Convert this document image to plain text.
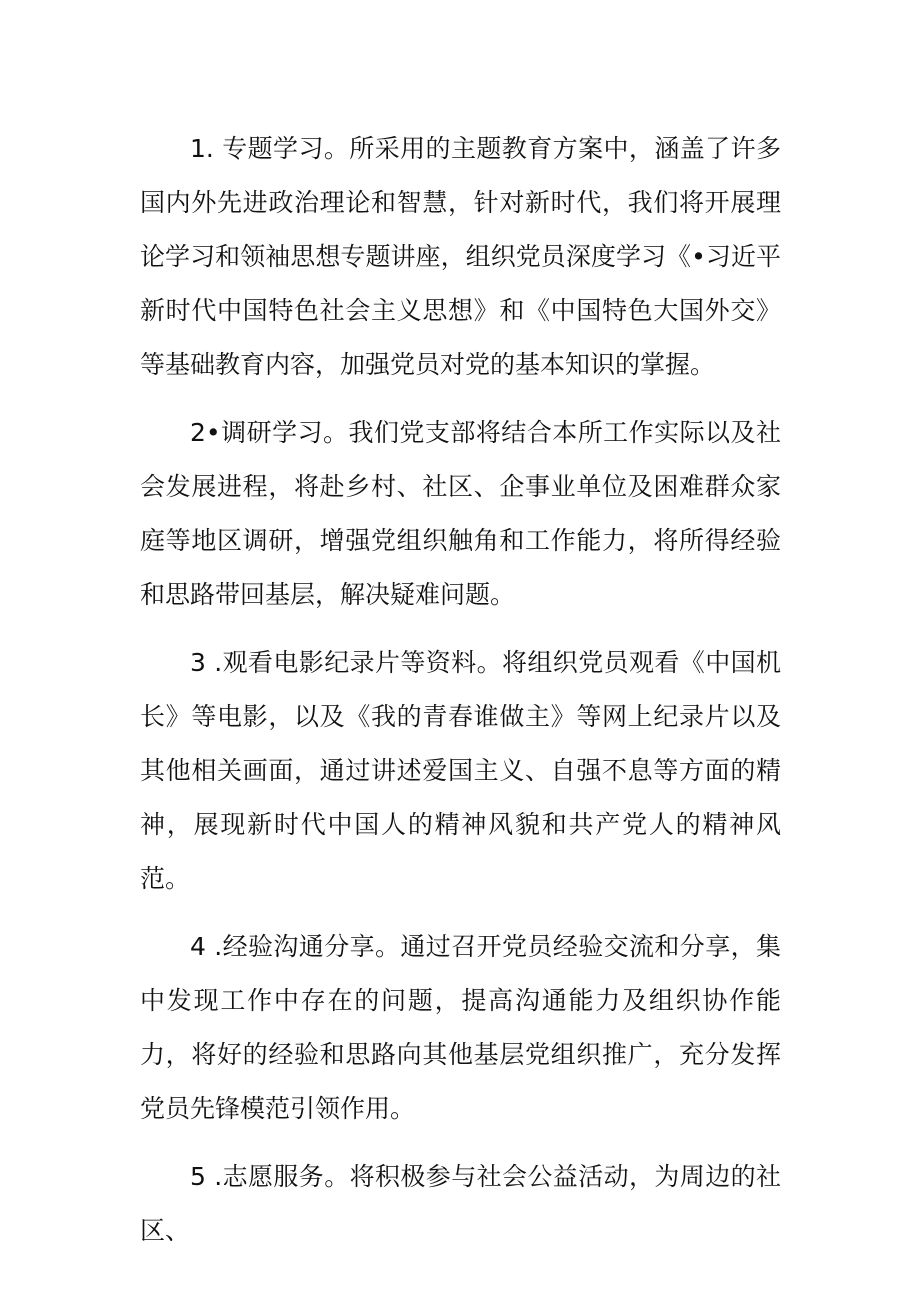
1. 专题学习。所采用的主题教育方案中，涵盖了许多国内外先进政治理论和智慧，针对新时代，我们将开展理论学习和领袖思想专题讲座，组织党员深度学习《•习近平新时代中国特色社会主义思想》和《中国特色大国外交》等基础教育内容，加强党员对党的基本知识的掌握。

2•调研学习。我们党支部将结合本所工作实际以及社会发展进程，将赴乡村、社区、企事业单位及困难群众家庭等地区调研，增强党组织触角和工作能力，将所得经验和思路带回基层，解决疑难问题。

3 .观看电影纪录片等资料。将组织党员观看《中国机长》等电影，以及《我的青春谁做主》等网上纪录片以及其他相关画面，通过讲述爱国主义、自强不息等方面的精神，展现新时代中国人的精神风貌和共产党人的精神风范。

4 .经验沟通分享。通过召开党员经验交流和分享，集中发现工作中存在的问题，提高沟通能力及组织协作能力，将好的经验和思路向其他基层党组织推广，充分发挥党员先锋模范引领作用。

5 .志愿服务。将积极参与社会公益活动，为周边的社区、
